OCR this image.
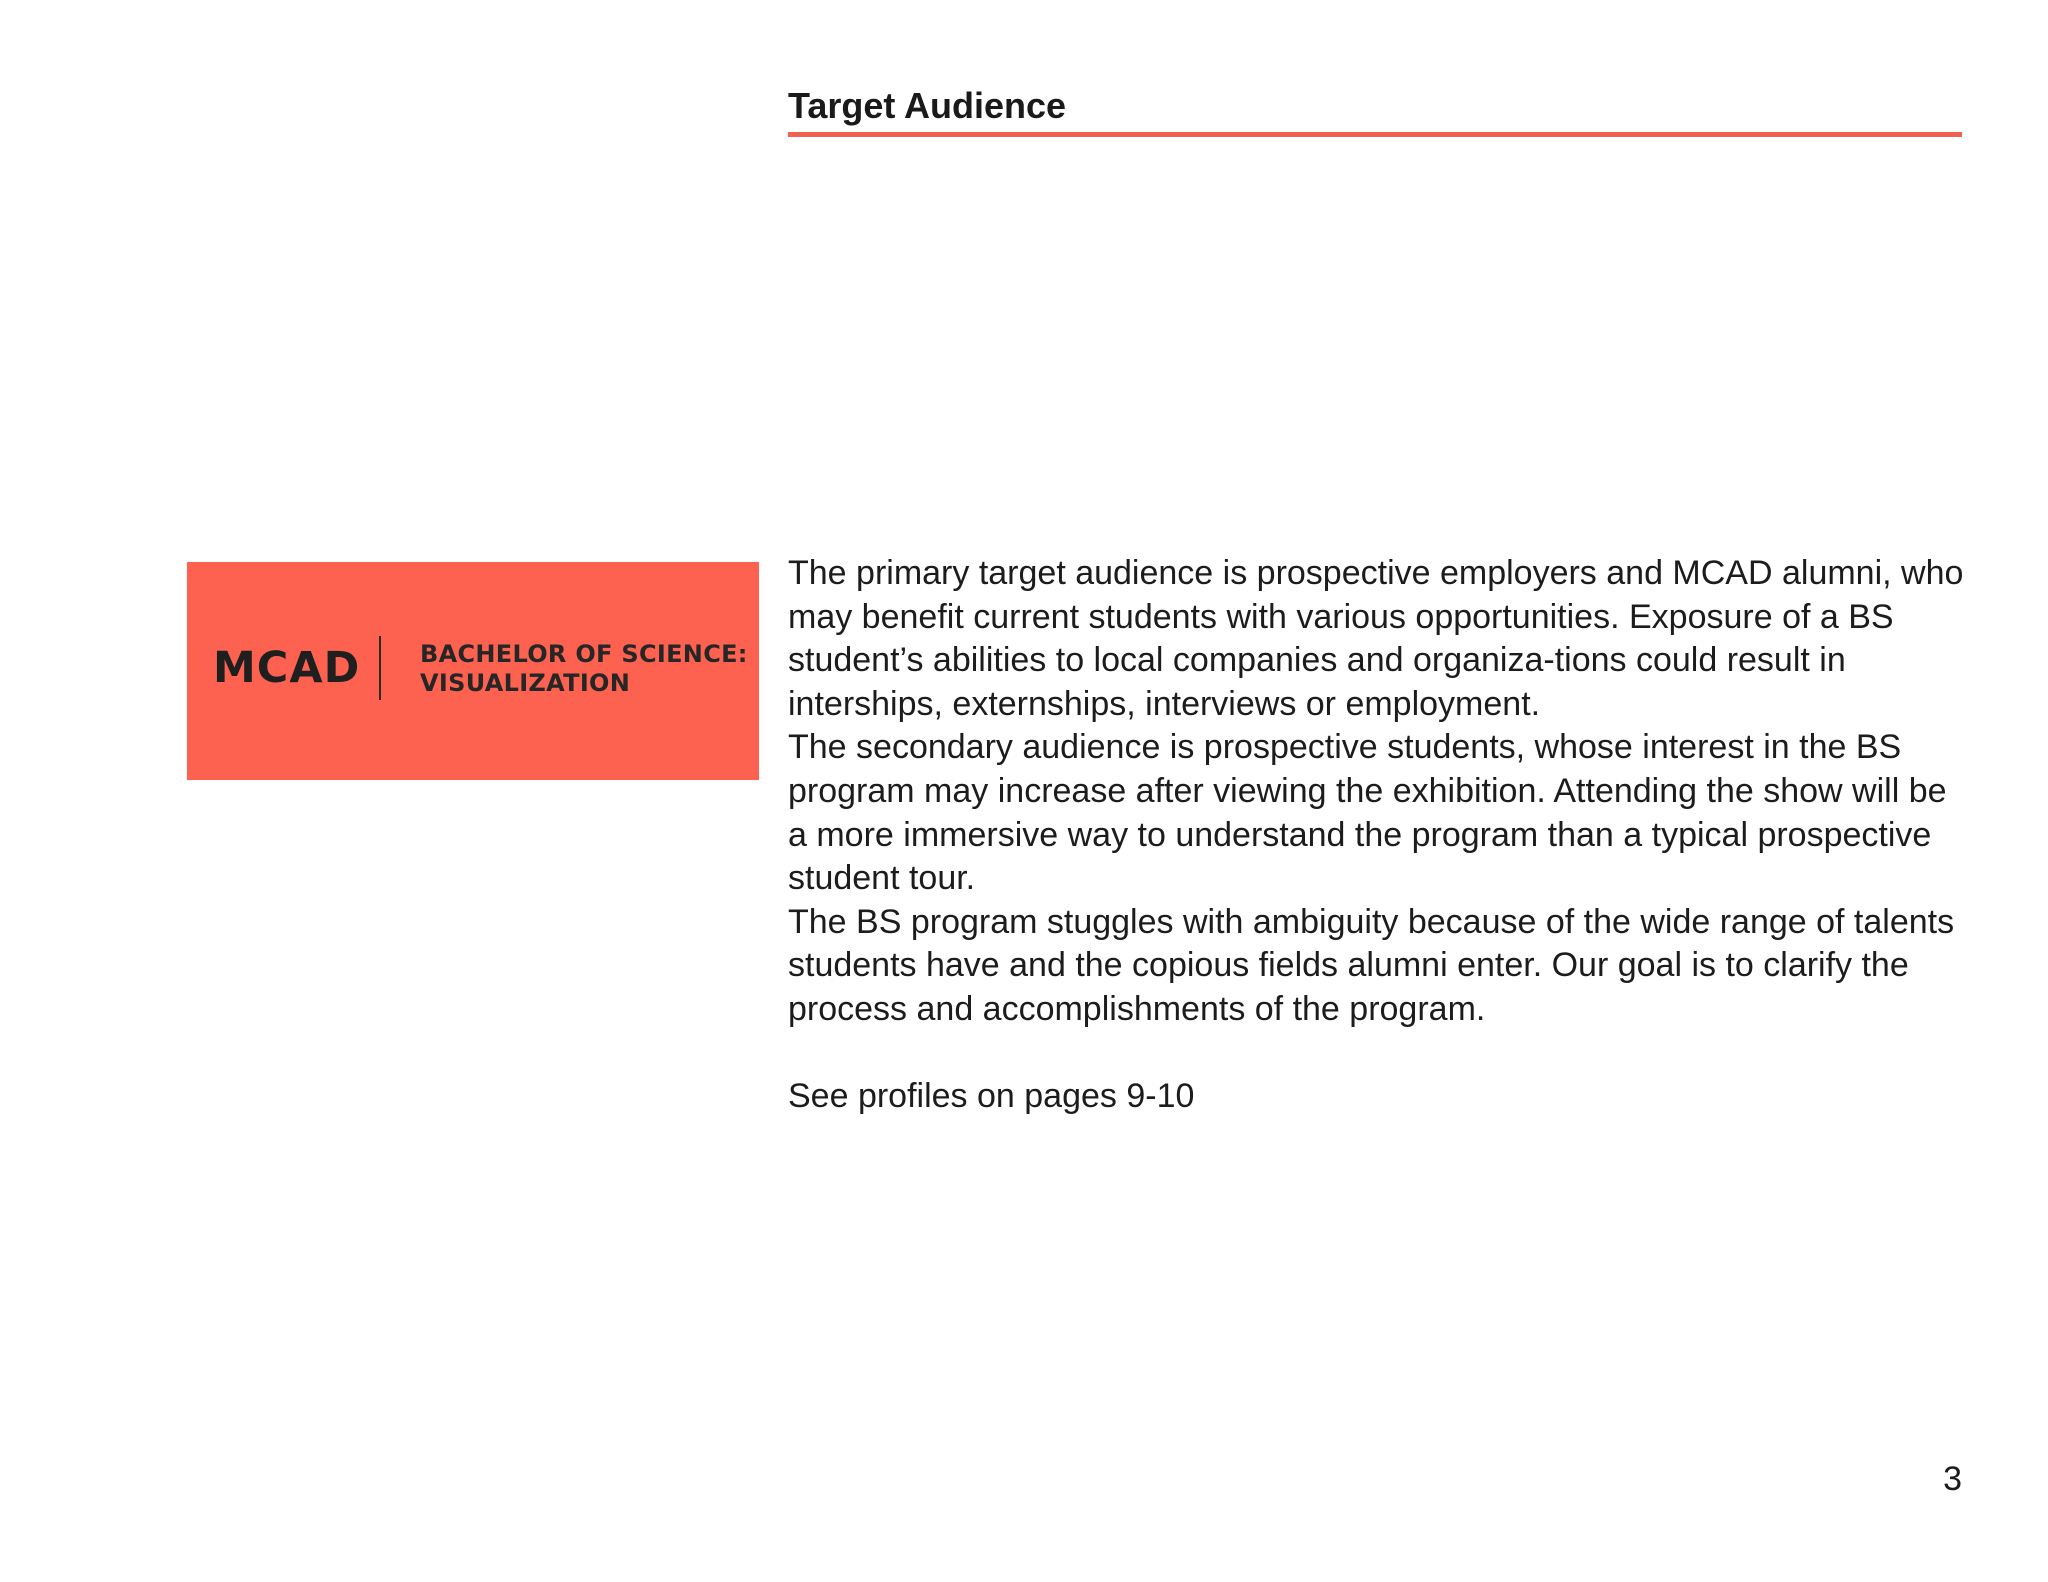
Target Audience
MCAD BACHELOR OF SCIENCE:
VISUALIZATION

The primary target audience is prospective employers and MCAD alumni, who may benefit current students with various opportunities. Exposure of a BS student’s abilities to local companies and organiza-tions could result in interships, externships, interviews or employment.

The secondary audience is prospective students, whose interest in the BS program may increase after viewing the exhibition. Attending the show will be a more immersive way to understand the program than a typical prospective student tour.

The BS program stuggles with ambiguity because of the wide range of talents students have and the copious fields alumni enter. Our goal is to clarify the process and accomplishments of the program.

See profiles on pages 9-10

3
